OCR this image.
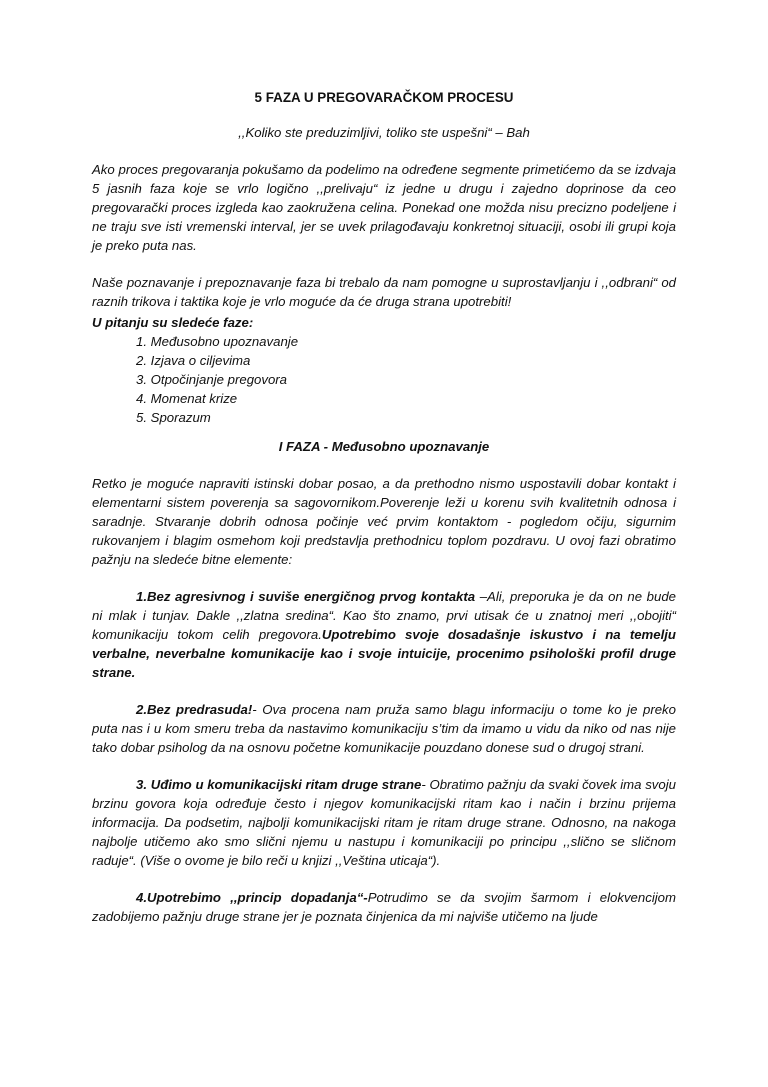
5 FAZA U PREGOVARAČKOM PROCESU
,,Koliko ste preduzimljivi, toliko ste uspešni“ – Bah

Ako proces pregovaranja pokušamo da podelimo na određene segmente primetićemo da se izdvaja 5 jasnih faza koje se vrlo logično ,,prelivaju“ iz jedne u drugu i zajedno doprinose da ceo pregovarački proces izgleda kao zaokružena celina. Ponekad one možda nisu precizno podeljene i ne traju sve isti vremenski interval, jer se uvek prilagođavaju konkretnoj situaciji, osobi ili grupi koja je preko puta nas.

Naše poznavanje i prepoznavanje faza bi trebalo da nam pomogne u suprostavljanju i ,,odbrani“ od raznih trikova i taktika koje je vrlo moguće da će druga strana upotrebiti!

U pitanju su sledeće faze:
1. Međusobno upoznavanje
2. Izjava o ciljevima
3. Otpočinjanje pregovora
4. Momenat krize
5. Sporazum
I FAZA - Međusobno upoznavanje

Retko je moguće napraviti istinski dobar posao, a da prethodno nismo uspostavili dobar kontakt i elementarni sistem poverenja sa sagovornikom.Poverenje leži u korenu svih kvalitetnih odnosa i saradnje. Stvaranje dobrih odnosa počinje već prvim kontaktom - pogledom očiju, sigurnim rukovanjem i blagim osmehom koji predstavlja prethodnicu toplom pozdravu. U ovoj fazi obratimo pažnju na sledeće bitne elemente:

1.Bez agresivnog i suviše energičnog prvog kontakta –Ali, preporuka je da on ne bude ni mlak i tunjav. Dakle ,,zlatna sredina“. Kao što znamo, prvi utisak će u znatnoj meri ,,obojiti“ komunikaciju tokom celih pregovora.Upotrebimo svoje dosadašnje iskustvo i na temelju verbalne, neverbalne komunikacije kao i svoje intuicije, procenimo psihološki profil druge strane.

2.Bez predrasuda!- Ova procena nam pruža samo blagu informaciju o tome ko je preko puta nas i u kom smeru treba da nastavimo komunikaciju s’tim da imamo u vidu da niko od nas nije tako dobar psiholog da na osnovu početne komunikacije pouzdano donese sud o drugoj strani.

3. Uđimo u komunikacijski ritam druge strane- Obratimo pažnju da svaki čovek ima svoju brzinu govora koja određuje često i njegov komunikacijski ritam kao i način i brzinu prijema informacija. Da podsetim, najbolji komunikacijski ritam je ritam druge strane. Odnosno, na nakoga najbolje utičemo ako smo slični njemu u nastupu i komunikaciji po principu ,,slično se sličnom raduje“. (Više o ovome je bilo reči u knjizi ,,Veština uticaja“).

4.Upotrebimo ,,princip dopadanja“-Potrudimo se da svojim šarmom i elokvencijom zadobijemo pažnju druge strane jer je poznata činjenica da mi najviše utičemo na ljude
